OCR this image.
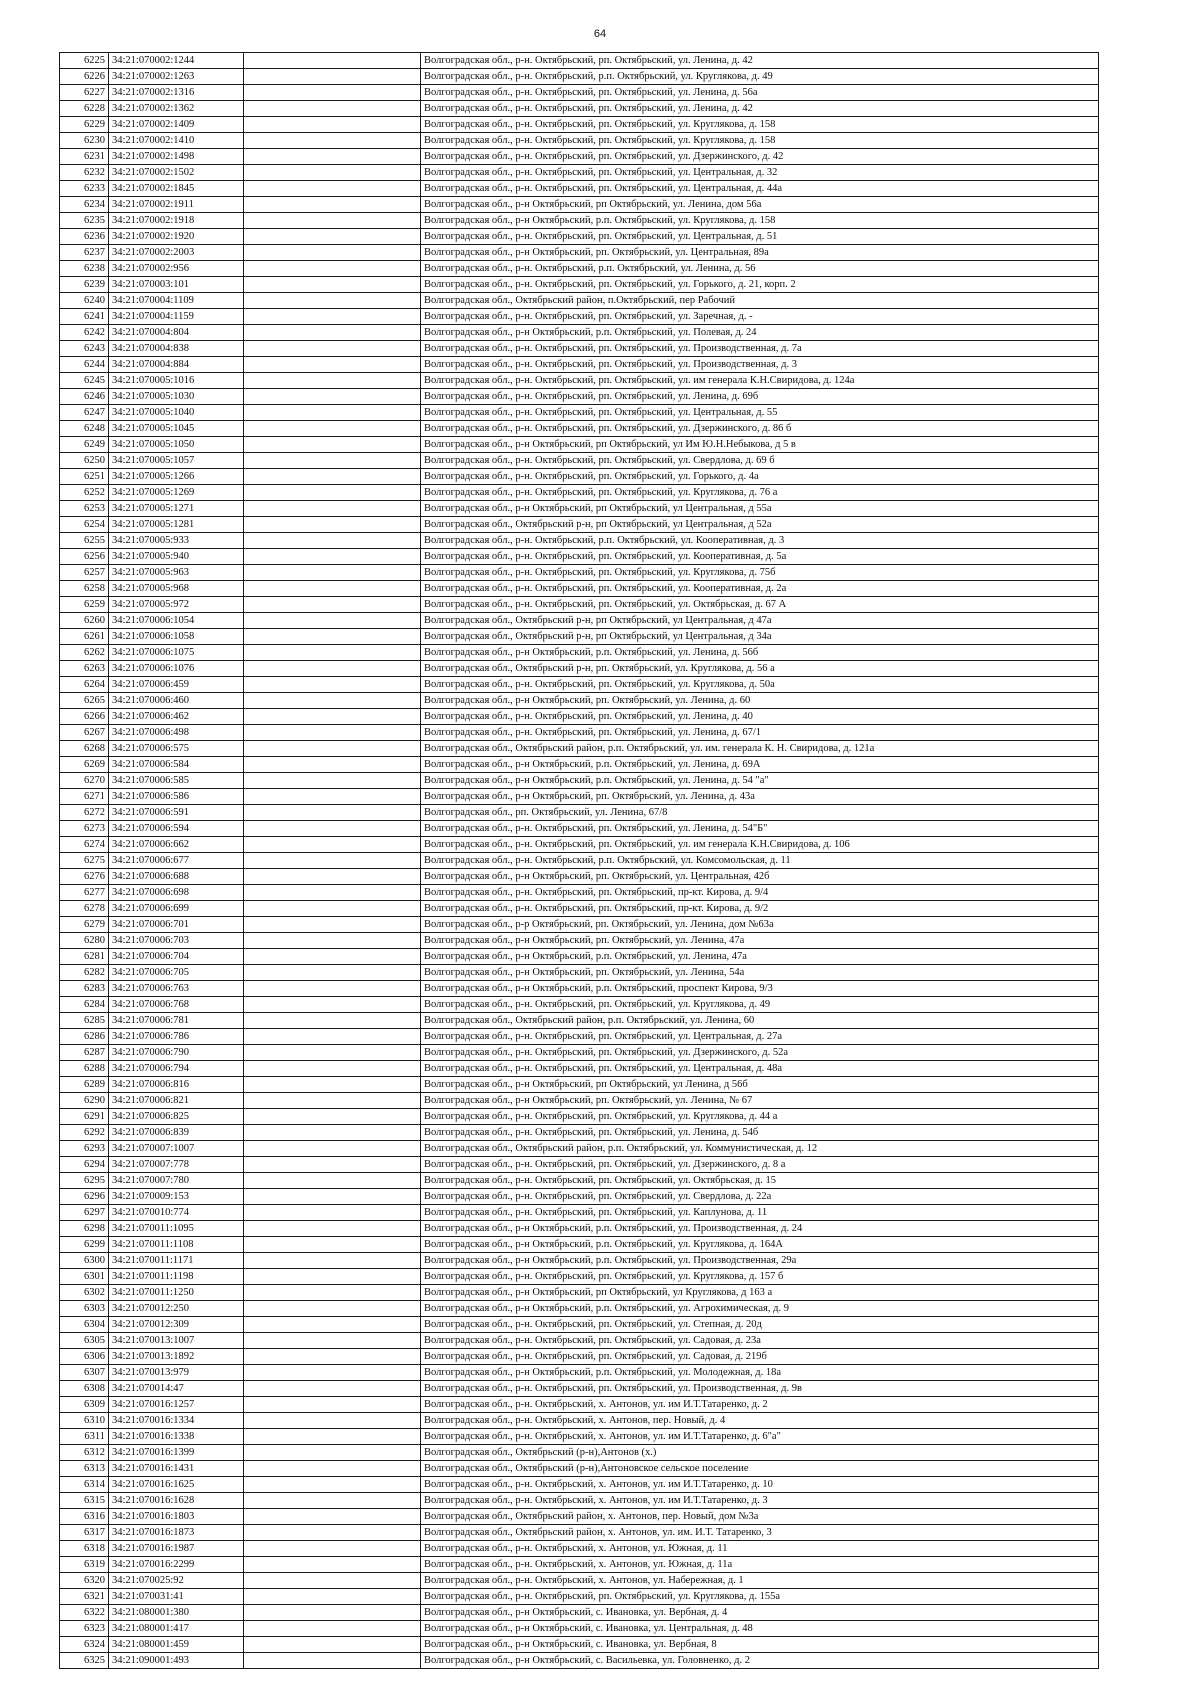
64
6225	34:21:070002:1244		Волгоградская обл., р-н. Октябрьский, рп. Октябрьский, ул. Ленина, д. 42
6226	34:21:070002:1263		Волгоградская обл., р-н. Октябрьский, р.п. Октябрьский, ул. Круглякова, д. 49
6227	34:21:070002:1316		Волгоградская обл., р-н. Октябрьский, рп. Октябрьский, ул. Ленина, д. 56а
6228	34:21:070002:1362		Волгоградская обл., р-н. Октябрьский, рп. Октябрьский, ул. Ленина, д. 42
6229	34:21:070002:1409		Волгоградская обл., р-н. Октябрьский, рп. Октябрьский, ул. Круглякова, д. 158
6230	34:21:070002:1410		Волгоградская обл., р-н. Октябрьский, рп. Октябрьский, ул. Круглякова, д. 158
6231	34:21:070002:1498		Волгоградская обл., р-н. Октябрьский, рп. Октябрьский, ул. Дзержинского, д. 42
6232	34:21:070002:1502		Волгоградская обл., р-н. Октябрьский, рп. Октябрьский, ул. Центральная, д. 32
6233	34:21:070002:1845		Волгоградская обл., р-н. Октябрьский, рп. Октябрьский, ул. Центральная, д. 44а
6234	34:21:070002:1911		Волгоградская обл., р-н Октябрьский, рп Октябрьский, ул. Ленина, дом 56а
6235	34:21:070002:1918		Волгоградская обл., р-н Октябрьский, р.п. Октябрьский, ул. Круглякова, д. 158
6236	34:21:070002:1920		Волгоградская обл., р-н. Октябрьский, рп. Октябрьский, ул. Центральная, д. 51
6237	34:21:070002:2003		Волгоградская обл., р-н Октябрьский, рп. Октябрьский, ул. Центральная, 89а
6238	34:21:070002:956		Волгоградская обл., р-н. Октябрьский, р.п. Октябрьский, ул. Ленина, д. 56
6239	34:21:070003:101		Волгоградская обл., р-н. Октябрьский, рп. Октябрьский, ул. Горького, д. 21, корп. 2
6240	34:21:070004:1109		Волгоградская обл., Октябрьский район, п.Октябрьский, пер Рабочий
6241	34:21:070004:1159		Волгоградская обл., р-н. Октябрьский, рп. Октябрьский, ул. Заречная, д. -
6242	34:21:070004:804		Волгоградская обл., р-н Октябрьский, р.п. Октябрьский, ул. Полевая, д. 24
6243	34:21:070004:838		Волгоградская обл., р-н. Октябрьский, рп. Октябрьский, ул. Производственная, д. 7а
6244	34:21:070004:884		Волгоградская обл., р-н. Октябрьский, рп. Октябрьский, ул. Производственная, д. 3
6245	34:21:070005:1016		Волгоградская обл., р-н. Октябрьский, рп. Октябрьский, ул. им генерала К.Н.Свиридова, д. 124а
6246	34:21:070005:1030		Волгоградская обл., р-н. Октябрьский, рп. Октябрьский, ул. Ленина, д. 69б
6247	34:21:070005:1040		Волгоградская обл., р-н. Октябрьский, рп. Октябрьский, ул. Центральная, д. 55
6248	34:21:070005:1045		Волгоградская обл., р-н. Октябрьский, рп. Октябрьский, ул. Дзержинского, д. 86 б
6249	34:21:070005:1050		Волгоградская обл., р-н Октябрьский, рп Октябрьский, ул Им Ю.Н.Небыкова, д 5 в
6250	34:21:070005:1057		Волгоградская обл., р-н. Октябрьский, рп. Октябрьский, ул. Свердлова, д. 69 б
6251	34:21:070005:1266		Волгоградская обл., р-н. Октябрьский, рп. Октябрьский, ул. Горького, д. 4а
6252	34:21:070005:1269		Волгоградская обл., р-н. Октябрьский, рп. Октябрьский, ул. Круглякова, д. 76 а
6253	34:21:070005:1271		Волгоградская обл., р-н Октябрьский, рп Октябрьский, ул Центральная, д 55а
6254	34:21:070005:1281		Волгоградская обл., Октябрьский р-н, рп Октябрьский, ул Центральная, д 52а
6255	34:21:070005:933		Волгоградская обл., р-н. Октябрьский, р.п. Октябрьский, ул. Кооперативная, д. 3
6256	34:21:070005:940		Волгоградская обл., р-н. Октябрьский, рп. Октябрьский, ул. Кооперативная, д. 5а
6257	34:21:070005:963		Волгоградская обл., р-н. Октябрьский, рп. Октябрьский, ул. Круглякова, д. 75б
6258	34:21:070005:968		Волгоградская обл., р-н. Октябрьский, рп. Октябрьский, ул. Кооперативная, д. 2а
6259	34:21:070005:972		Волгоградская обл., р-н. Октябрьский, рп. Октябрьский, ул. Октябрьская, д. 67 А
6260	34:21:070006:1054		Волгоградская обл., Октябрьский р-н, рп Октябрьский, ул Центральная, д 47а
6261	34:21:070006:1058		Волгоградская обл., Октябрьский р-н, рп Октябрьский, ул Центральная, д 34а
6262	34:21:070006:1075		Волгоградская обл., р-н Октябрьский, р.п. Октябрьский, ул. Ленина, д. 56б
6263	34:21:070006:1076		Волгоградская обл., Октябрьский р-н, рп. Октябрьский, ул. Круглякова, д. 56 а
6264	34:21:070006:459		Волгоградская обл., р-н. Октябрьский, рп. Октябрьский, ул. Круглякова, д. 50а
6265	34:21:070006:460		Волгоградская обл., р-н Октябрьский, рп. Октябрьский, ул. Ленина, д. 60
6266	34:21:070006:462		Волгоградская обл., р-н. Октябрьский, рп. Октябрьский, ул. Ленина, д. 40
6267	34:21:070006:498		Волгоградская обл., р-н. Октябрьский, рп. Октябрьский, ул. Ленина, д. 67/1
6268	34:21:070006:575		Волгоградская обл., Октябрьский район, р.п. Октябрьский, ул. им. генерала К. Н. Свиридова, д. 121а
6269	34:21:070006:584		Волгоградская обл., р-н Октябрьский, р.п. Октябрьский, ул. Ленина, д. 69А
6270	34:21:070006:585		Волгоградская обл., р-н Октябрьский, р.п. Октябрьский, ул. Ленина, д. 54 "а"
6271	34:21:070006:586		Волгоградская обл., р-н Октябрьский, рп. Октябрьский, ул. Ленина, д. 43а
6272	34:21:070006:591		Волгоградская обл., рп. Октябрьский, ул. Ленина, 67/8
6273	34:21:070006:594		Волгоградская обл., р-н. Октябрьский, рп. Октябрьский, ул. Ленина, д. 54"Б"
6274	34:21:070006:662		Волгоградская обл., р-н. Октябрьский, рп. Октябрьский, ул. им генерала К.Н.Свиридова, д. 106
6275	34:21:070006:677		Волгоградская обл., р-н. Октябрьский, р.п. Октябрьский, ул. Комсомольская, д. 11
6276	34:21:070006:688		Волгоградская обл., р-н Октябрьский, рп. Октябрьский, ул. Центральная, 42б
6277	34:21:070006:698		Волгоградская обл., р-н. Октябрьский, рп. Октябрьский, пр-кт. Кирова, д. 9/4
6278	34:21:070006:699		Волгоградская обл., р-н. Октябрьский, рп. Октябрьский, пр-кт. Кирова, д. 9/2
6279	34:21:070006:701		Волгоградская обл., р-р Октябрьский, рп. Октябрьский, ул. Ленина, дом №63а
6280	34:21:070006:703		Волгоградская обл., р-н Октябрьский, рп. Октябрьский, ул. Ленина, 47а
6281	34:21:070006:704		Волгоградская обл., р-н Октябрьский, р.п. Октябрьский, ул. Ленина, 47а
6282	34:21:070006:705		Волгоградская обл., р-н Октябрьский, рп. Октябрьский, ул. Ленина, 54а
6283	34:21:070006:763		Волгоградская обл., р-н Октябрьский, р.п. Октябрьский, проспект Кирова, 9/3
6284	34:21:070006:768		Волгоградская обл., р-н. Октябрьский, рп. Октябрьский, ул. Круглякова, д. 49
6285	34:21:070006:781		Волгоградская обл., Октябрьский район, р.п. Октябрьский, ул. Ленина, 60
6286	34:21:070006:786		Волгоградская обл., р-н. Октябрьский, рп. Октябрьский, ул. Центральная, д. 27а
6287	34:21:070006:790		Волгоградская обл., р-н. Октябрьский, рп. Октябрьский, ул. Дзержинского, д. 52а
6288	34:21:070006:794		Волгоградская обл., р-н. Октябрьский, рп. Октябрьский, ул. Центральная, д. 48а
6289	34:21:070006:816		Волгоградская обл., р-н Октябрьский, рп Октябрьский, ул Ленина, д 56б
6290	34:21:070006:821		Волгоградская обл., р-н Октябрьский, рп. Октябрьский, ул. Ленина, № 67
6291	34:21:070006:825		Волгоградская обл., р-н. Октябрьский, рп. Октябрьский, ул. Круглякова, д. 44 а
6292	34:21:070006:839		Волгоградская обл., р-н. Октябрьский, рп. Октябрьский, ул. Ленина, д. 54б
6293	34:21:070007:1007		Волгоградская обл., Октябрьский район, р.п. Октябрьский, ул. Коммунистическая, д. 12
6294	34:21:070007:778		Волгоградская обл., р-н. Октябрьский, рп. Октябрьский, ул. Дзержинского, д. 8 а
6295	34:21:070007:780		Волгоградская обл., р-н. Октябрьский, рп. Октябрьский, ул. Октябрьская, д. 15
6296	34:21:070009:153		Волгоградская обл., р-н. Октябрьский, рп. Октябрьский, ул. Свердлова, д. 22а
6297	34:21:070010:774		Волгоградская обл., р-н. Октябрьский, рп. Октябрьский, ул. Каплунова, д. 11
6298	34:21:070011:1095		Волгоградская обл., р-н Октябрьский, р.п. Октябрьский, ул. Производственная, д. 24
6299	34:21:070011:1108		Волгоградская обл., р-н Октябрьский, р.п. Октябрьский, ул. Круглякова, д. 164А
6300	34:21:070011:1171		Волгоградская обл., р-н Октябрьский, р.п. Октябрьский, ул. Производственная, 29а
6301	34:21:070011:1198		Волгоградская обл., р-н. Октябрьский, рп. Октябрьский, ул. Круглякова, д. 157 б
6302	34:21:070011:1250		Волгоградская обл., р-н Октябрьский, рп Октябрьский, ул Круглякова, д 163 а
6303	34:21:070012:250		Волгоградская обл., р-н Октябрьский, р.п. Октябрьский, ул. Агрохимическая, д. 9
6304	34:21:070012:309		Волгоградская обл., р-н. Октябрьский, рп. Октябрьский, ул. Степная, д. 20д
6305	34:21:070013:1007		Волгоградская обл., р-н. Октябрьский, рп. Октябрьский, ул. Садовая, д. 23а
6306	34:21:070013:1892		Волгоградская обл., р-н. Октябрьский, рп. Октябрьский, ул. Садовая, д. 219б
6307	34:21:070013:979		Волгоградская обл., р-н Октябрьский, р.п. Октябрьский, ул. Молодежная, д. 18а
6308	34:21:070014:47		Волгоградская обл., р-н. Октябрьский, рп. Октябрьский, ул. Производственная, д. 9в
6309	34:21:070016:1257		Волгоградская обл., р-н. Октябрьский, х. Антонов, ул. им И.Т.Татаренко, д. 2
6310	34:21:070016:1334		Волгоградская обл., р-н. Октябрьский, х. Антонов, пер. Новый, д. 4
6311	34:21:070016:1338		Волгоградская обл., р-н. Октябрьский, х. Антонов, ул. им И.Т.Татаренко, д. 6"а"
6312	34:21:070016:1399		Волгоградская обл., Октябрьский (р-н),Антонов (х.)
6313	34:21:070016:1431		Волгоградская обл., Октябрьский (р-н),Антоновское сельское поселение
6314	34:21:070016:1625		Волгоградская обл., р-н. Октябрьский, х. Антонов, ул. им И.Т.Татаренко, д. 10
6315	34:21:070016:1628		Волгоградская обл., р-н. Октябрьский, х. Антонов, ул. им И.Т.Татаренко, д. 3
6316	34:21:070016:1803		Волгоградская обл., Октябрьский район, х. Антонов, пер. Новый, дом №3а
6317	34:21:070016:1873		Волгоградская обл., Октябрьский район, х. Антонов, ул. им. И.Т. Татаренко, 3
6318	34:21:070016:1987		Волгоградская обл., р-н. Октябрьский, х. Антонов, ул. Южная, д. 11
6319	34:21:070016:2299		Волгоградская обл., р-н. Октябрьский, х. Антонов, ул. Южная, д. 11а
6320	34:21:070025:92		Волгоградская обл., р-н. Октябрьский, х. Антонов, ул. Набережная, д. 1
6321	34:21:070031:41		Волгоградская обл., р-н. Октябрьский, рп. Октябрьский, ул. Круглякова, д. 155а
6322	34:21:080001:380		Волгоградская обл., р-н Октябрьский, с. Ивановка, ул. Вербная, д. 4
6323	34:21:080001:417		Волгоградская обл., р-н Октябрьский, с. Ивановка, ул. Центральная, д. 48
6324	34:21:080001:459		Волгоградская обл., р-н Октябрьский, с. Ивановка, ул. Вербная, 8
6325	34:21:090001:493		Волгоградская обл., р-н Октябрьский, с. Васильевка, ул. Головненко, д. 2
